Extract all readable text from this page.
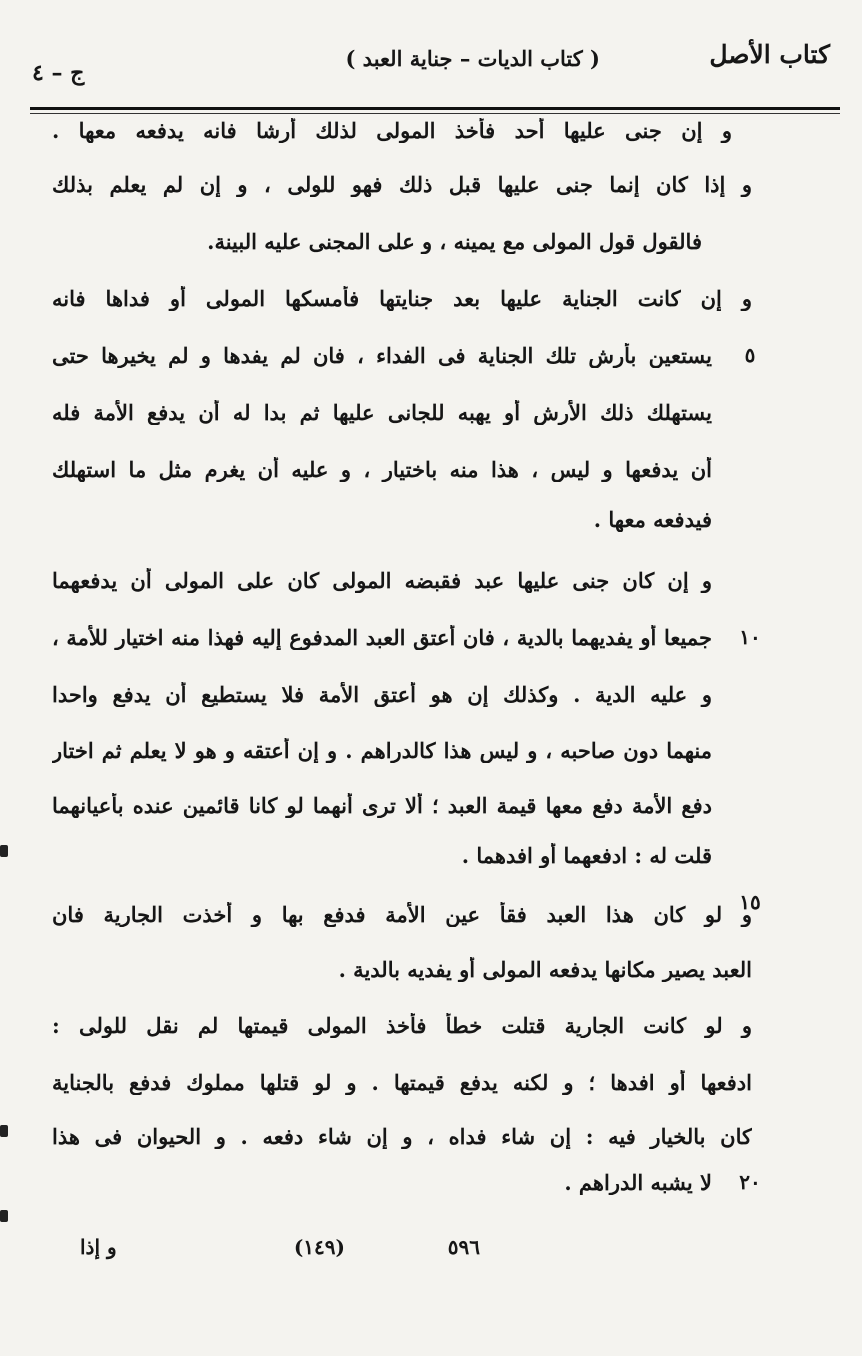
كتاب الأصل
( كتاب الديات – جناية العبد )
ج – ٤
و إن جنى عليها أحد فأخذ المولى لذلك أرشا فانه يدفعه معها .
و إذا كان إنما جنى عليها قبل ذلك فهو للولى ، و إن لم يعلم بذلك
فالقول قول المولى مع يمينه ، و على المجنى عليه البينة.
و إن كانت الجناية عليها بعد جنايتها فأمسكها المولى أو فداها فانه
يستعين بأرش تلك الجناية فى الفداء ، فان لم يفدها و لم يخيرها حتى	٥
يستهلك ذلك الأرش أو يهبه للجانى عليها ثم بدا له أن يدفع الأمة فله
أن يدفعها و ليس ، هذا منه باختيار ، و عليه أن يغرم مثل ما استهلك
فيدفعه معها .
و إن كان جنى عليها عبد فقبضه المولى كان على المولى أن يدفعهما
جميعا أو يفديهما بالدية ، فان أعتق العبد المدفوع إليه فهذا منه اختيار للأمة ،	١٠
و عليه الدية . وكذلك إن هو أعتق الأمة فلا يستطيع أن يدفع واحدا
منهما دون صاحبه ، و ليس هذا كالدراهم . و إن أعتقه و هو لا يعلم ثم اختار
دفع الأمة دفع معها قيمة العبد ؛ ألا ترى أنهما لو كانا قائمين عنده بأعيانهما
قلت له : ادفعهما أو افدهما .
و لو كان هذا العبد فقأ عين الأمة فدفع بها و أخذت الجارية فان
١٥
العبد يصير مكانها يدفعه المولى أو يفديه بالدية .
و لو كانت الجارية قتلت خطأ فأخذ المولى قيمتها لم نقل للولى :
ادفعها أو افدها ؛ و لكنه يدفع قيمتها . و لو قتلها مملوك فدفع بالجناية
كان بالخيار فيه : إن شاء فداه ، و إن شاء دفعه . و الحيوان فى هذا
لا يشبه الدراهم .	٢٠
٥٩٦
(١٤٩)
و إذا
